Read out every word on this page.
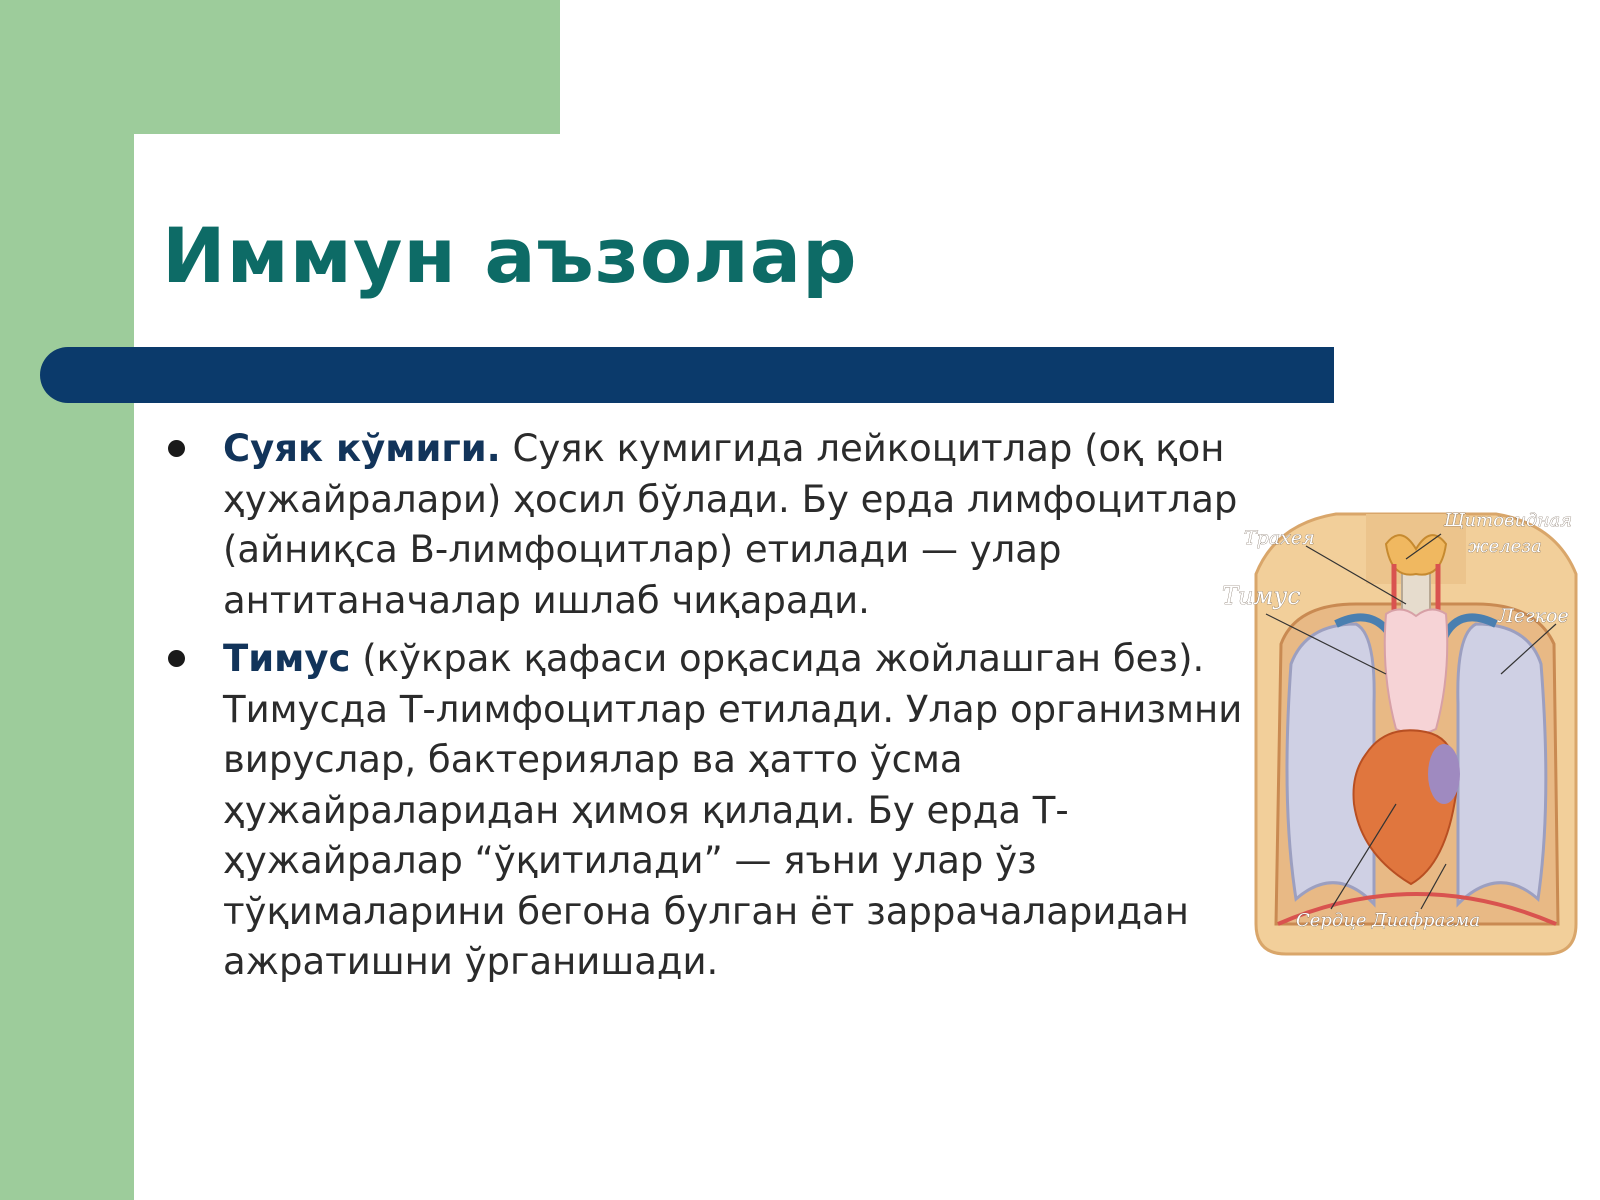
Иммун аъзолар
Суяк кўмиги. Суяк кумигида лейкоцитлар (оқ қон ҳужайралари) ҳосил бўлади. Бу ерда лимфоцитлар (айниқса B-лимфоцитлар) етилади — улар антитаначалар ишлаб чиқаради.
Тимус (кўкрак қафаси орқасида жойлашган без). Тимусда Т-лимфоцитлар етилади. Улар организмни вируслар, бактериялар ва ҳатто ўсма ҳужайраларидан ҳимоя қилади. Бу ерда Т-ҳужайралар “ўқитилади” — яъни улар ўз тўқималарини бегона булган ёт заррачаларидан ажратишни ўрганишади.
Трахея
Щитовидная
железа
Тимус
Легкое
Сердце Диафрагма
